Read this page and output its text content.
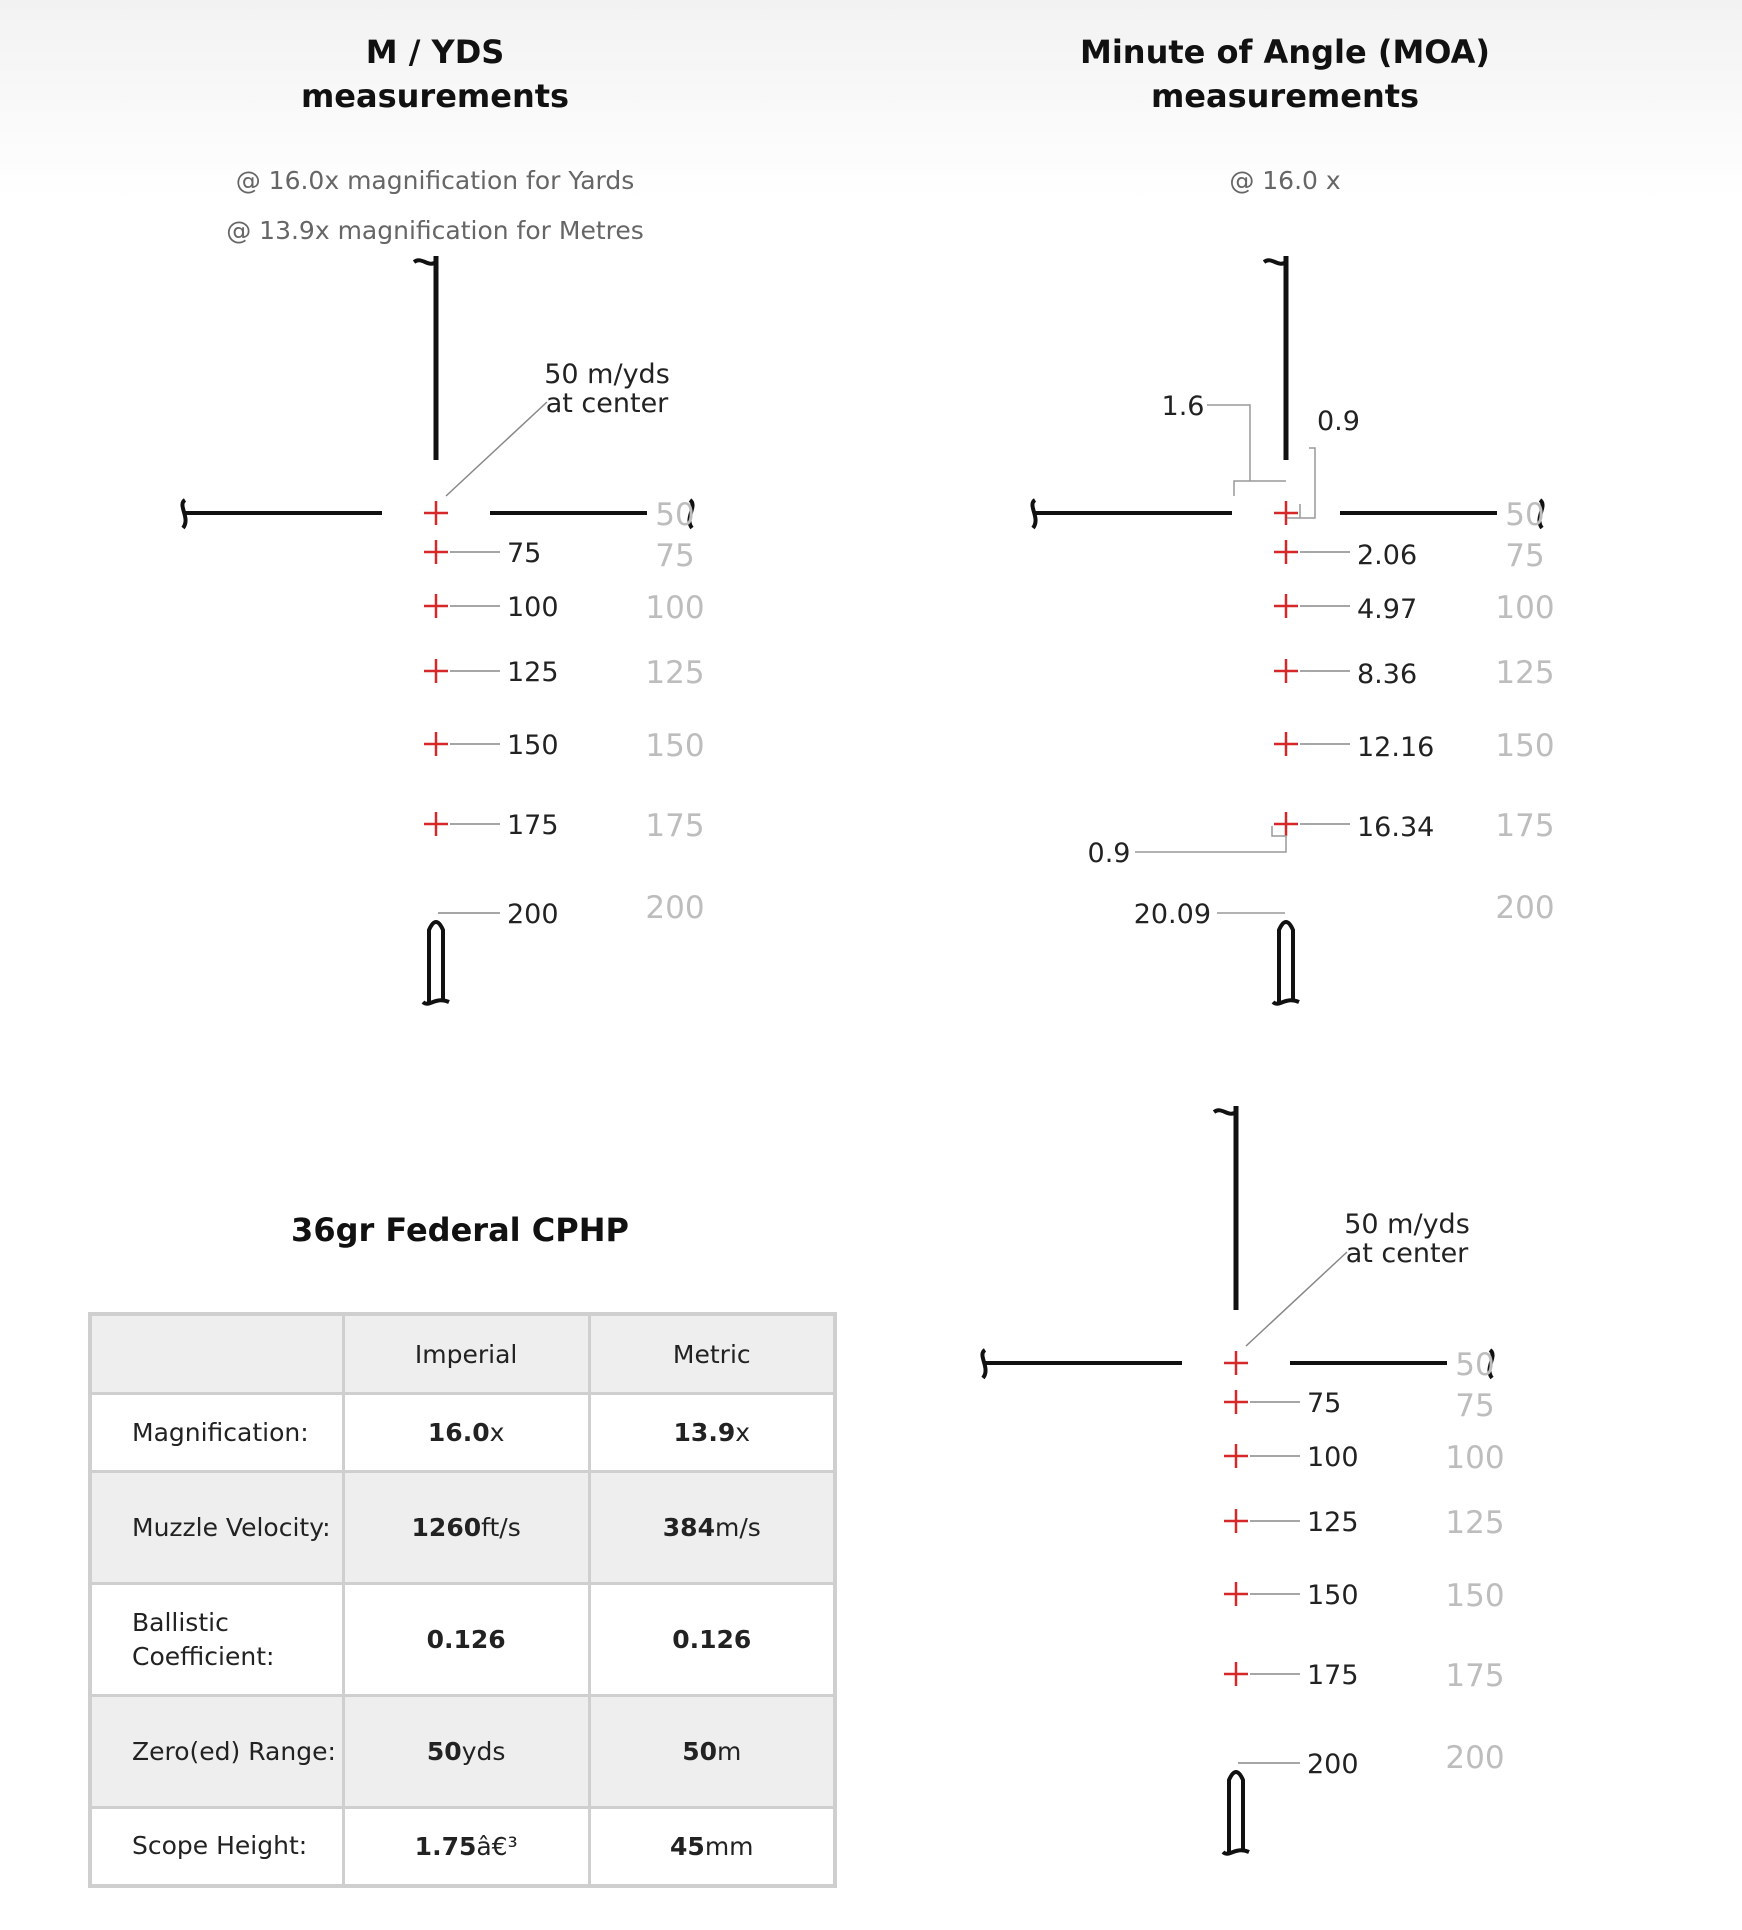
M / YDS
measurements
@ 16.0x magnification for Yards
@ 13.9x magnification for Metres
Minute of Angle (MOA)
measurements
@ 16.0 x
50 m/yds
at center
75
100
125
150
175
200
50
75
100
125
150
175
200
1.6	0.9
0.9
20.09
2.06
4.97
8.36
12.16
16.34
50
75
100
125
150
175
200
50 m/yds
at center
75
100
125
150
175
200
50
75
100
125
150
175
200
36gr Federal CPHP
	Imperial	Metric
Magnification:	16.0x	13.9x
Muzzle Velocity:	1260ft/s	384m/s
Ballistic Coefficient:	0.126	0.126
Zero(ed) Range:	50yds	50m
Scope Height:	1.75â€³	45mm
